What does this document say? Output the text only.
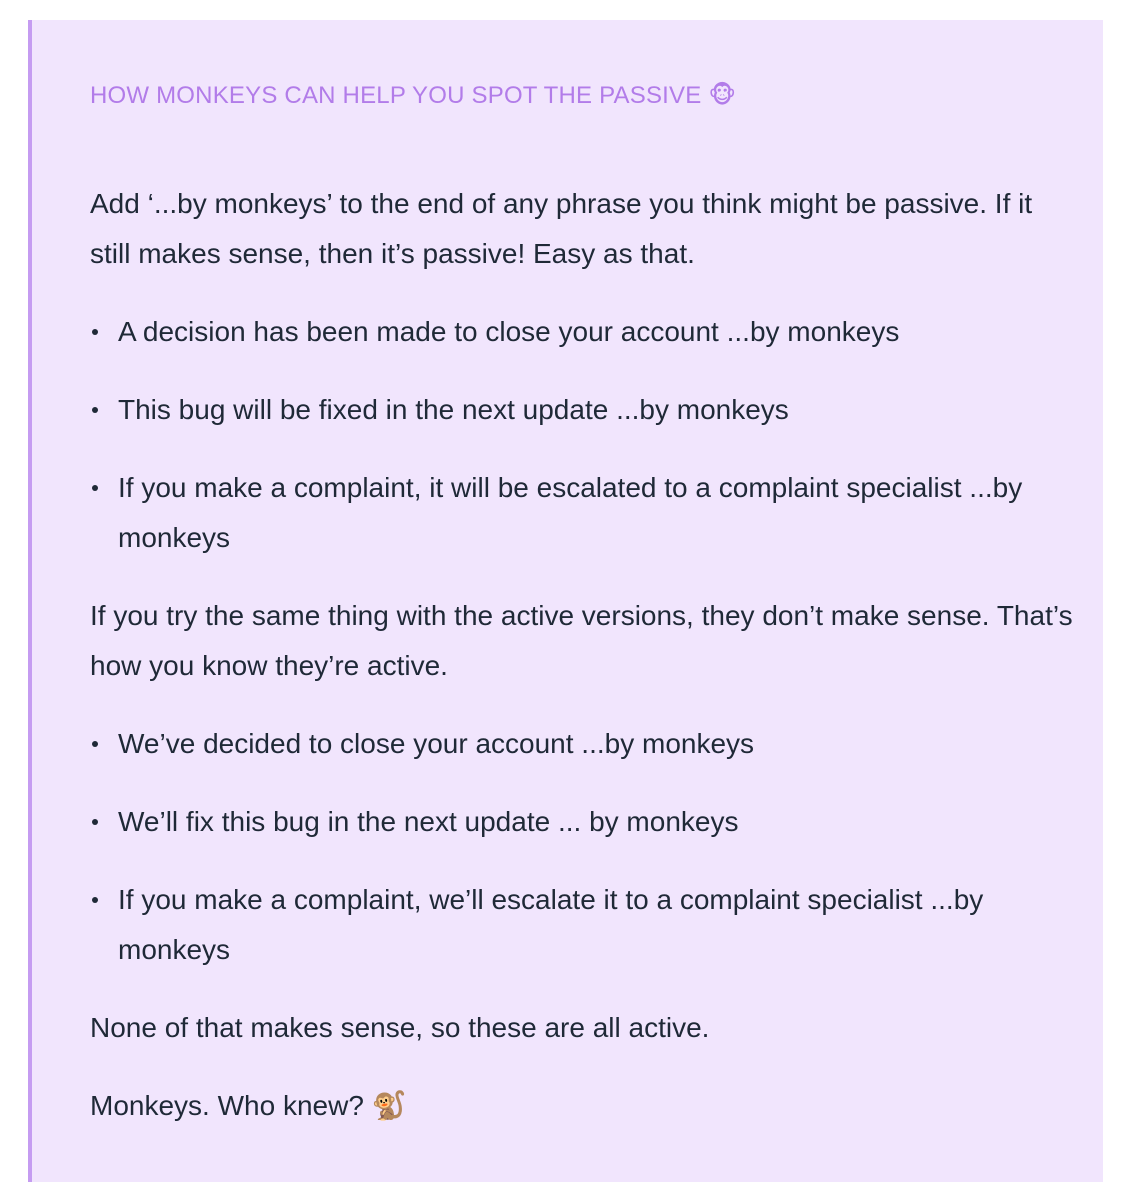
HOW MONKEYS CAN HELP YOU SPOT THE PASSIVE 🐵

Add ‘...by monkeys’ to the end of any phrase you think might be passive. If it still makes sense, then it’s passive! Easy as that.

A decision has been made to close your account ...by monkeys
This bug will be fixed in the next update ...by monkeys
If you make a complaint, it will be escalated to a complaint specialist ...by monkeys

If you try the same thing with the active versions, they don’t make sense. That’s how you know they’re active.

We’ve decided to close your account ...by monkeys
We’ll fix this bug in the next update ... by monkeys
If you make a complaint, we’ll escalate it to a complaint specialist ...by monkeys

None of that makes sense, so these are all active.

Monkeys. Who knew? 🐒
